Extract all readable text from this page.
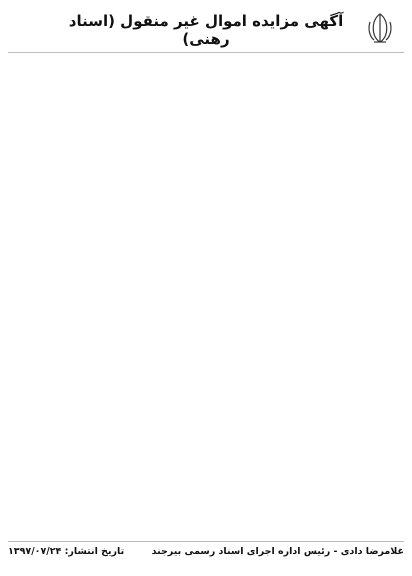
آگهی مزایده اموال غیر منقول (اسناد رهنی)
غلامرضا دادی - رئیس اداره اجرای اسناد رسمی بیرجند
تاریخ انتشار: ۱۳۹۷/۰۷/۲۴
